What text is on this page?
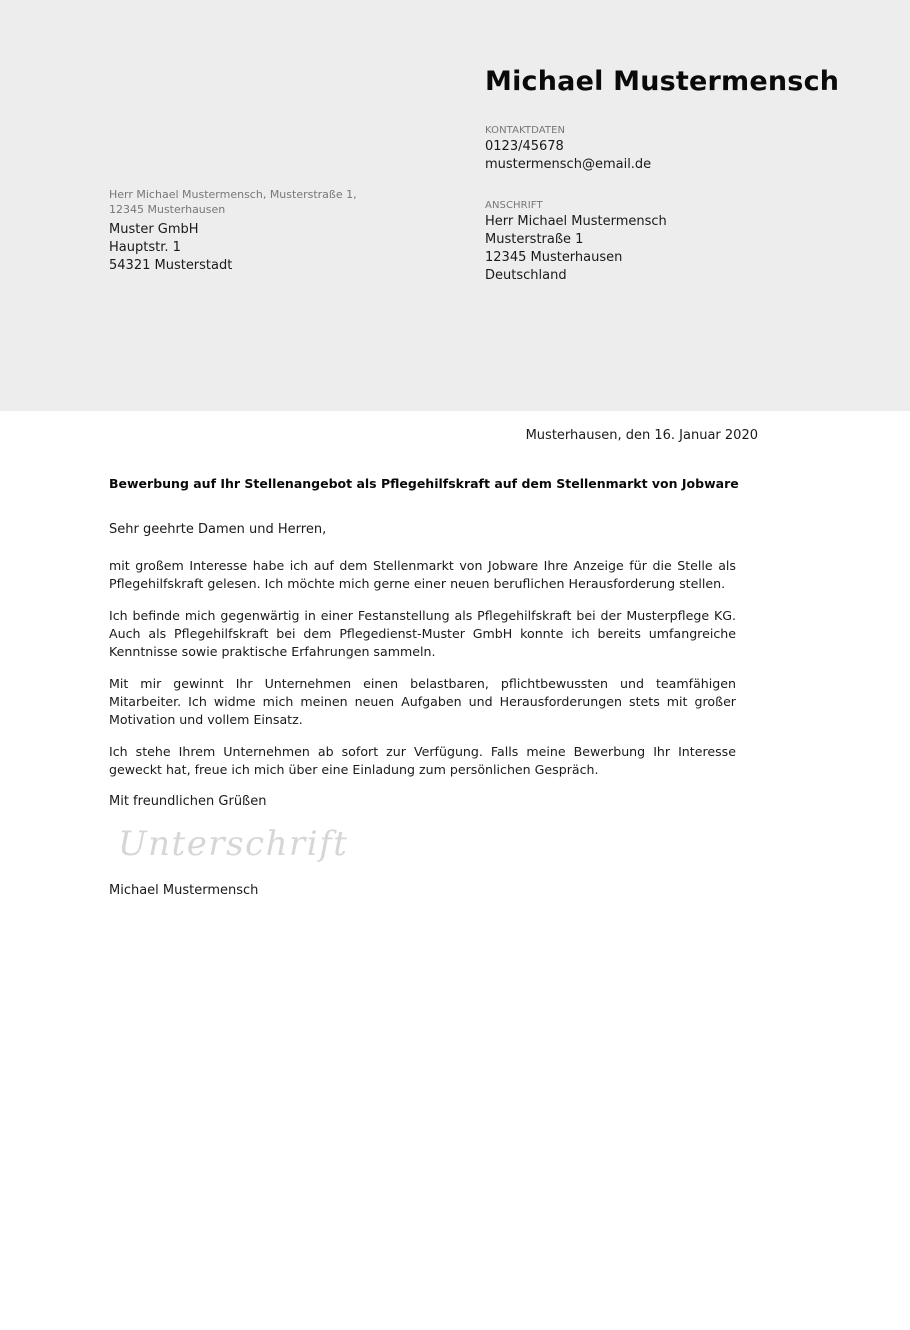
Michael Mustermensch
KONTAKTDATEN
0123/45678
mustermensch@email.de
ANSCHRIFT
Herr Michael Mustermensch
Musterstraße 1
12345 Musterhausen
Deutschland
Herr Michael Mustermensch, Musterstraße 1, 12345 Musterhausen
Muster GmbH
Hauptstr. 1
54321 Musterstadt
Musterhausen, den 16. Januar 2020
Bewerbung auf Ihr Stellenangebot als Pflegehilfskraft auf dem Stellenmarkt von Jobware
Sehr geehrte Damen und Herren,

mit großem Interesse habe ich auf dem Stellenmarkt von Jobware Ihre Anzeige für die Stelle als Pflegehilfskraft gelesen. Ich möchte mich gerne einer neuen beruflichen Herausforderung stellen.

Ich befinde mich gegenwärtig in einer Festanstellung als Pflegehilfskraft bei der Musterpflege KG. Auch als Pflegehilfskraft bei dem Pflegedienst-Muster GmbH konnte ich bereits umfangreiche Kenntnisse sowie praktische Erfahrungen sammeln.

Mit mir gewinnt Ihr Unternehmen einen belastbaren, pflichtbewussten und teamfähigen Mitarbeiter. Ich widme mich meinen neuen Aufgaben und Herausforderungen stets mit großer Motivation und vollem Einsatz.

Ich stehe Ihrem Unternehmen ab sofort zur Verfügung. Falls meine Bewerbung Ihr Interesse geweckt hat, freue ich mich über eine Einladung zum persönlichen Gespräch.

Mit freundlichen Grüßen
Unterschrift
Michael Mustermensch
